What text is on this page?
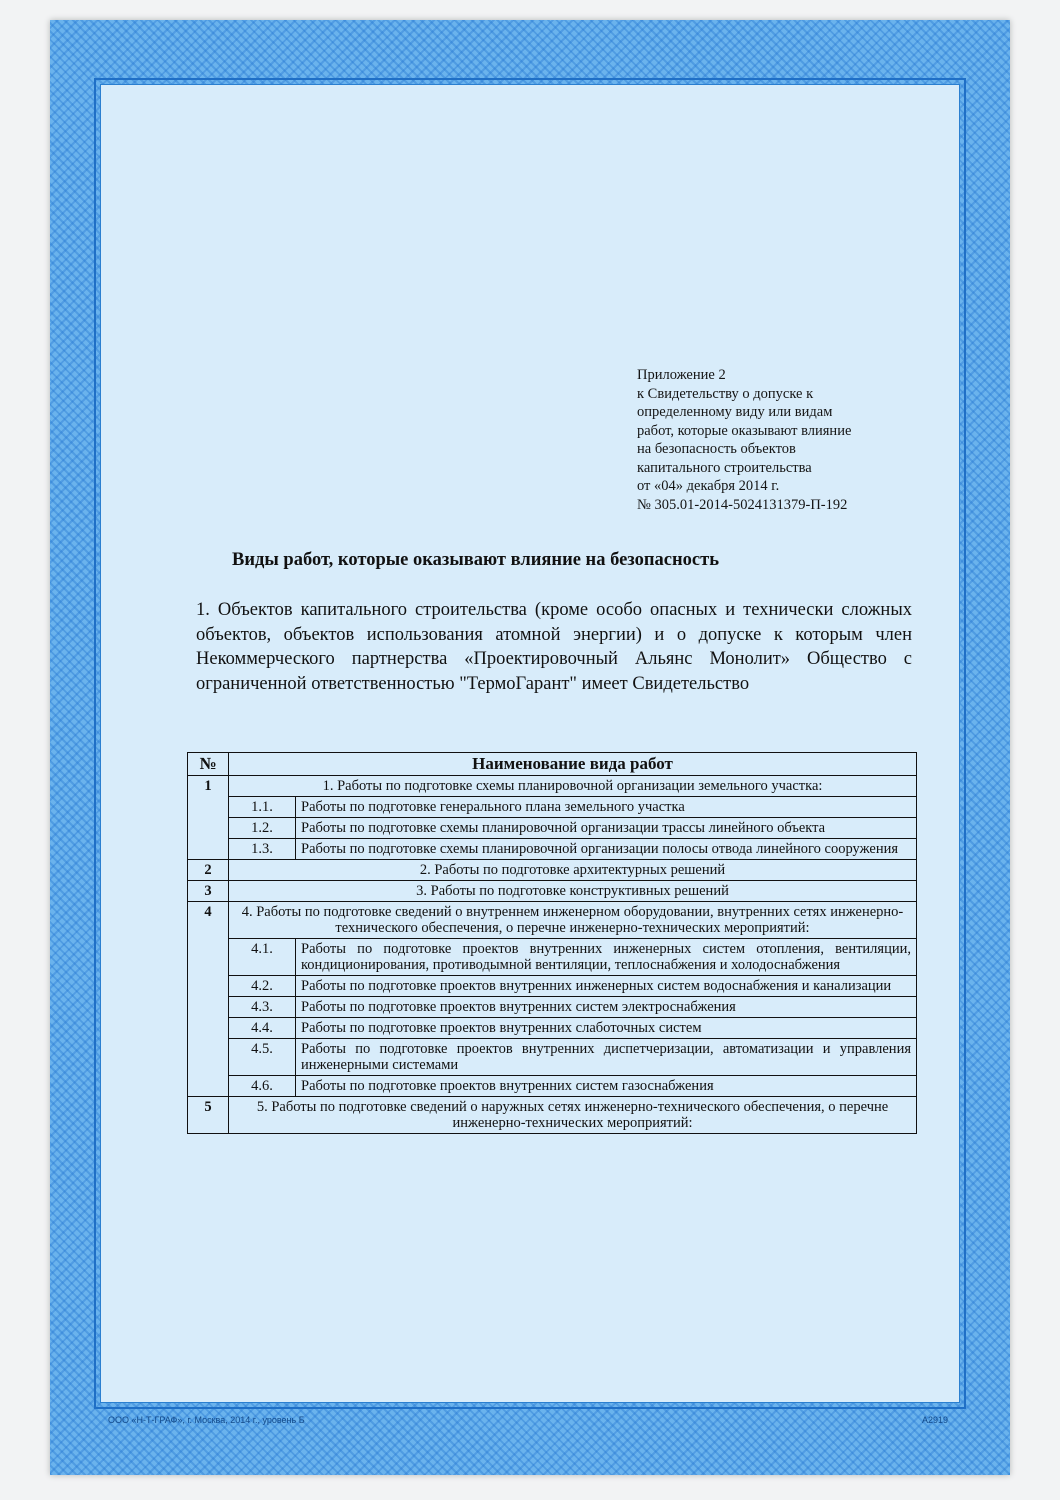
ООО «Н-Т-ГРАФ», г. Москва, 2014 г., уровень Б	A2919
Приложение 2
к Свидетельству о допуске к
определенному виду или видам
работ, которые оказывают влияние
на безопасность объектов
капитального строительства
от «04» декабря 2014 г.
№ 305.01-2014-5024131379-П-192
Виды работ, которые оказывают влияние на безопасность
1. Объектов капитального строительства (кроме особо опасных и технически сложных объектов, объектов использования атомной энергии) и о допуске к которым член Некоммерческого партнерства «Проектировочный Альянс Монолит» Общество с ограниченной ответственностью "ТермоГарант" имеет Свидетельство
№	Наименование вида работ	
1	1. Работы по подготовке схемы планировочной организации земельного участка:	
	1.1.	Работы по подготовке генерального плана земельного участка
	1.2.	Работы по подготовке схемы планировочной организации трассы линейного объекта
	1.3.	Работы по подготовке схемы планировочной организации полосы отвода линейного сооружения
2	2. Работы по подготовке архитектурных решений	
3	3. Работы по подготовке конструктивных решений	
4	4. Работы по подготовке сведений о внутреннем инженерном оборудовании, внутренних сетях инженерно-технического обеспечения, о перечне инженерно-технических мероприятий:	
	4.1.	Работы по подготовке проектов внутренних инженерных систем отопления, вентиляции, кондиционирования, противодымной вентиляции, теплоснабжения и холодоснабжения
	4.2.	Работы по подготовке проектов внутренних инженерных систем водоснабжения и канализации
	4.3.	Работы по подготовке проектов внутренних систем электроснабжения
	4.4.	Работы по подготовке проектов внутренних слаботочных систем
	4.5.	Работы по подготовке проектов внутренних диспетчеризации, автоматизации и управления инженерными системами
	4.6.	Работы по подготовке проектов внутренних систем газоснабжения
5	5. Работы по подготовке сведений о наружных сетях инженерно-технического обеспечения, о перечне инженерно-технических мероприятий:	
